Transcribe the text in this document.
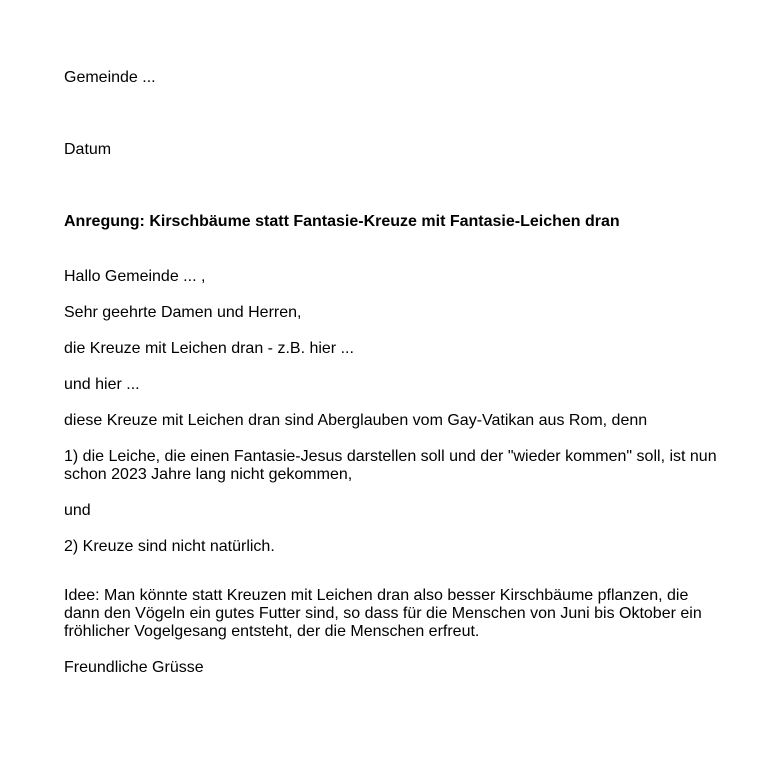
Gemeinde ...

Datum

Anregung: Kirschbäume statt Fantasie-Kreuze mit Fantasie-Leichen dran

Hallo Gemeinde ... ,

Sehr geehrte Damen und Herren,

die Kreuze mit Leichen dran - z.B. hier ...

und hier ...

diese Kreuze mit Leichen dran sind Aberglauben vom Gay-Vatikan aus Rom, denn

1) die Leiche, die einen Fantasie-Jesus darstellen soll und der "wieder kommen" soll, ist nun

schon 2023 Jahre lang nicht gekommen,

und

2) Kreuze sind nicht natürlich.

Idee: Man könnte statt Kreuzen mit Leichen dran also besser Kirschbäume pflanzen, die

dann den Vögeln ein gutes Futter sind, so dass für die Menschen von Juni bis Oktober ein

fröhlicher Vogelgesang entsteht, der die Menschen erfreut.

Freundliche Grüsse
